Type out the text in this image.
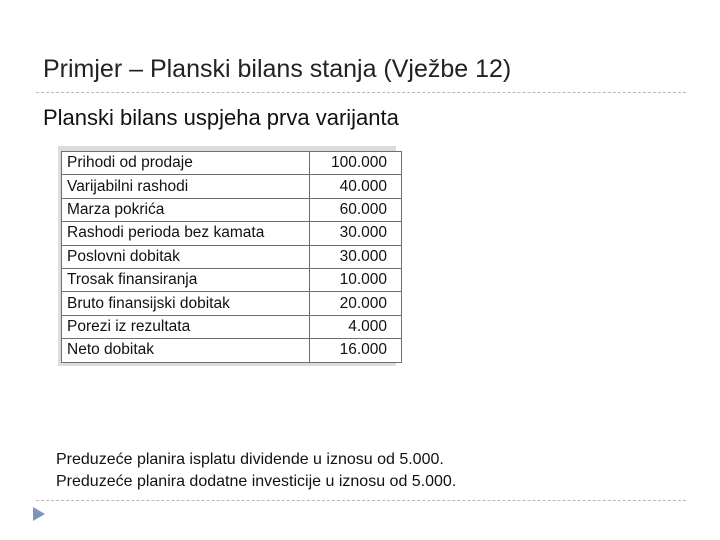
Primjer – Planski bilans stanja (Vježbe 12)
Planski bilans uspjeha prva varijanta
Prihodi od prodaje	100.000
Varijabilni rashodi	40.000
Marza pokrića	60.000
Rashodi perioda bez kamata	30.000
Poslovni dobitak	30.000
Trosak finansiranja	10.000
Bruto finansijski dobitak	20.000
Porezi iz rezultata	4.000
Neto dobitak	16.000
Preduzeće planira isplatu dividende u iznosu od 5.000.
Preduzeće planira dodatne investicije u iznosu od 5.000.
